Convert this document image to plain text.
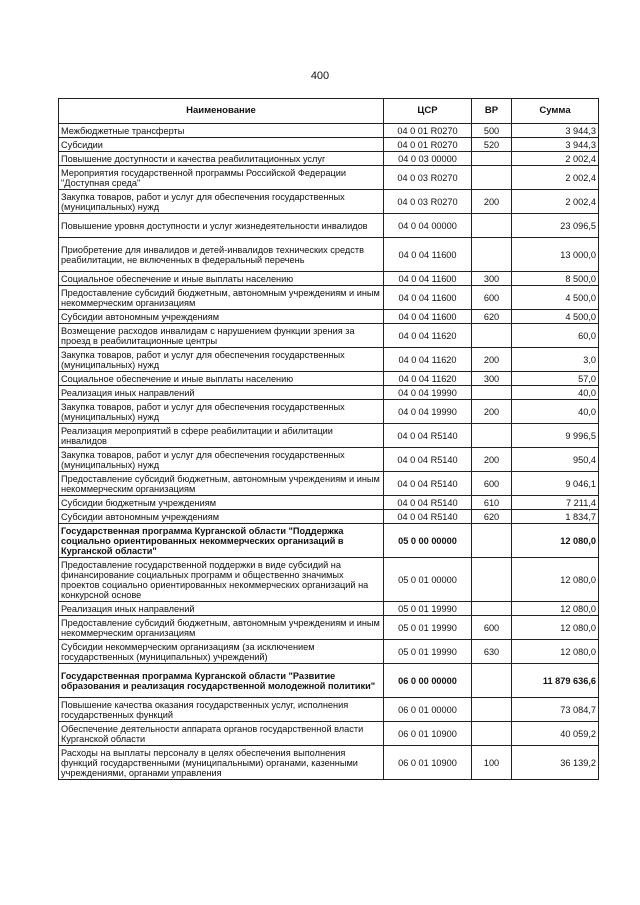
400
Наименование	ЦСР	ВР	Сумма
Межбюджетные трансферты	04 0 01 R0270	500	3 944,3
Субсидии	04 0 01 R0270	520	3 944,3
Повышение доступности и качества реабилитационных услуг	04 0 03 00000		2 002,4
Мероприятия государственной программы Российской Федерации "Доступная среда"	04 0 03 R0270		2 002,4
Закупка товаров, работ и услуг для обеспечения государственных (муниципальных) нужд	04 0 03 R0270	200	2 002,4
Повышение уровня доступности и услуг жизнедеятельности инвалидов	04 0 04 00000		23 096,5
Приобретение для инвалидов и детей-инвалидов технических средств реабилитации, не включенных в федеральный перечень	04 0 04 11600		13 000,0
Социальное обеспечение и иные выплаты населению	04 0 04 11600	300	8 500,0
Предоставление субсидий бюджетным, автономным учреждениям и иным некоммерческим организациям	04 0 04 11600	600	4 500,0
Субсидии автономным учреждениям	04 0 04 11600	620	4 500,0
Возмещение расходов инвалидам с нарушением функции зрения за проезд в реабилитационные центры	04 0 04 11620		60,0
Закупка товаров, работ и услуг для обеспечения государственных (муниципальных) нужд	04 0 04 11620	200	3,0
Социальное обеспечение и иные выплаты населению	04 0 04 11620	300	57,0
Реализация иных направлений	04 0 04 19990		40,0
Закупка товаров, работ и услуг для обеспечения государственных (муниципальных) нужд	04 0 04 19990	200	40,0
Реализация мероприятий в сфере реабилитации и абилитации инвалидов	04 0 04 R5140		9 996,5
Закупка товаров, работ и услуг для обеспечения государственных (муниципальных) нужд	04 0 04 R5140	200	950,4
Предоставление субсидий бюджетным, автономным учреждениям и иным некоммерческим организациям	04 0 04 R5140	600	9 046,1
Субсидии бюджетным учреждениям	04 0 04 R5140	610	7 211,4
Субсидии автономным учреждениям	04 0 04 R5140	620	1 834,7
Государственная программа Курганской области "Поддержка социально ориентированных некоммерческих организаций в Курганской области"	05 0 00 00000		12 080,0
Предоставление государственной поддержки в виде субсидий на финансирование социальных программ и общественно значимых проектов социально ориентированных некоммерческих организаций на конкурсной основе	05 0 01 00000		12 080,0
Реализация иных направлений	05 0 01 19990		12 080,0
Предоставление субсидий бюджетным, автономным учреждениям и иным некоммерческим организациям	05 0 01 19990	600	12 080,0
Субсидии некоммерческим организациям (за исключением государственных (муниципальных) учреждений)	05 0 01 19990	630	12 080,0
Государственная программа Курганской области "Развитие образования и реализация государственной молодежной политики"	06 0 00 00000		11 879 636,6
Повышение качества оказания государственных услуг, исполнения государственных функций	06 0 01 00000		73 084,7
Обеспечение деятельности аппарата органов государственной власти Курганской области	06 0 01 10900		40 059,2
Расходы на выплаты персоналу в целях обеспечения выполнения функций государственными (муниципальными) органами, казенными учреждениями, органами управления	06 0 01 10900	100	36 139,2
